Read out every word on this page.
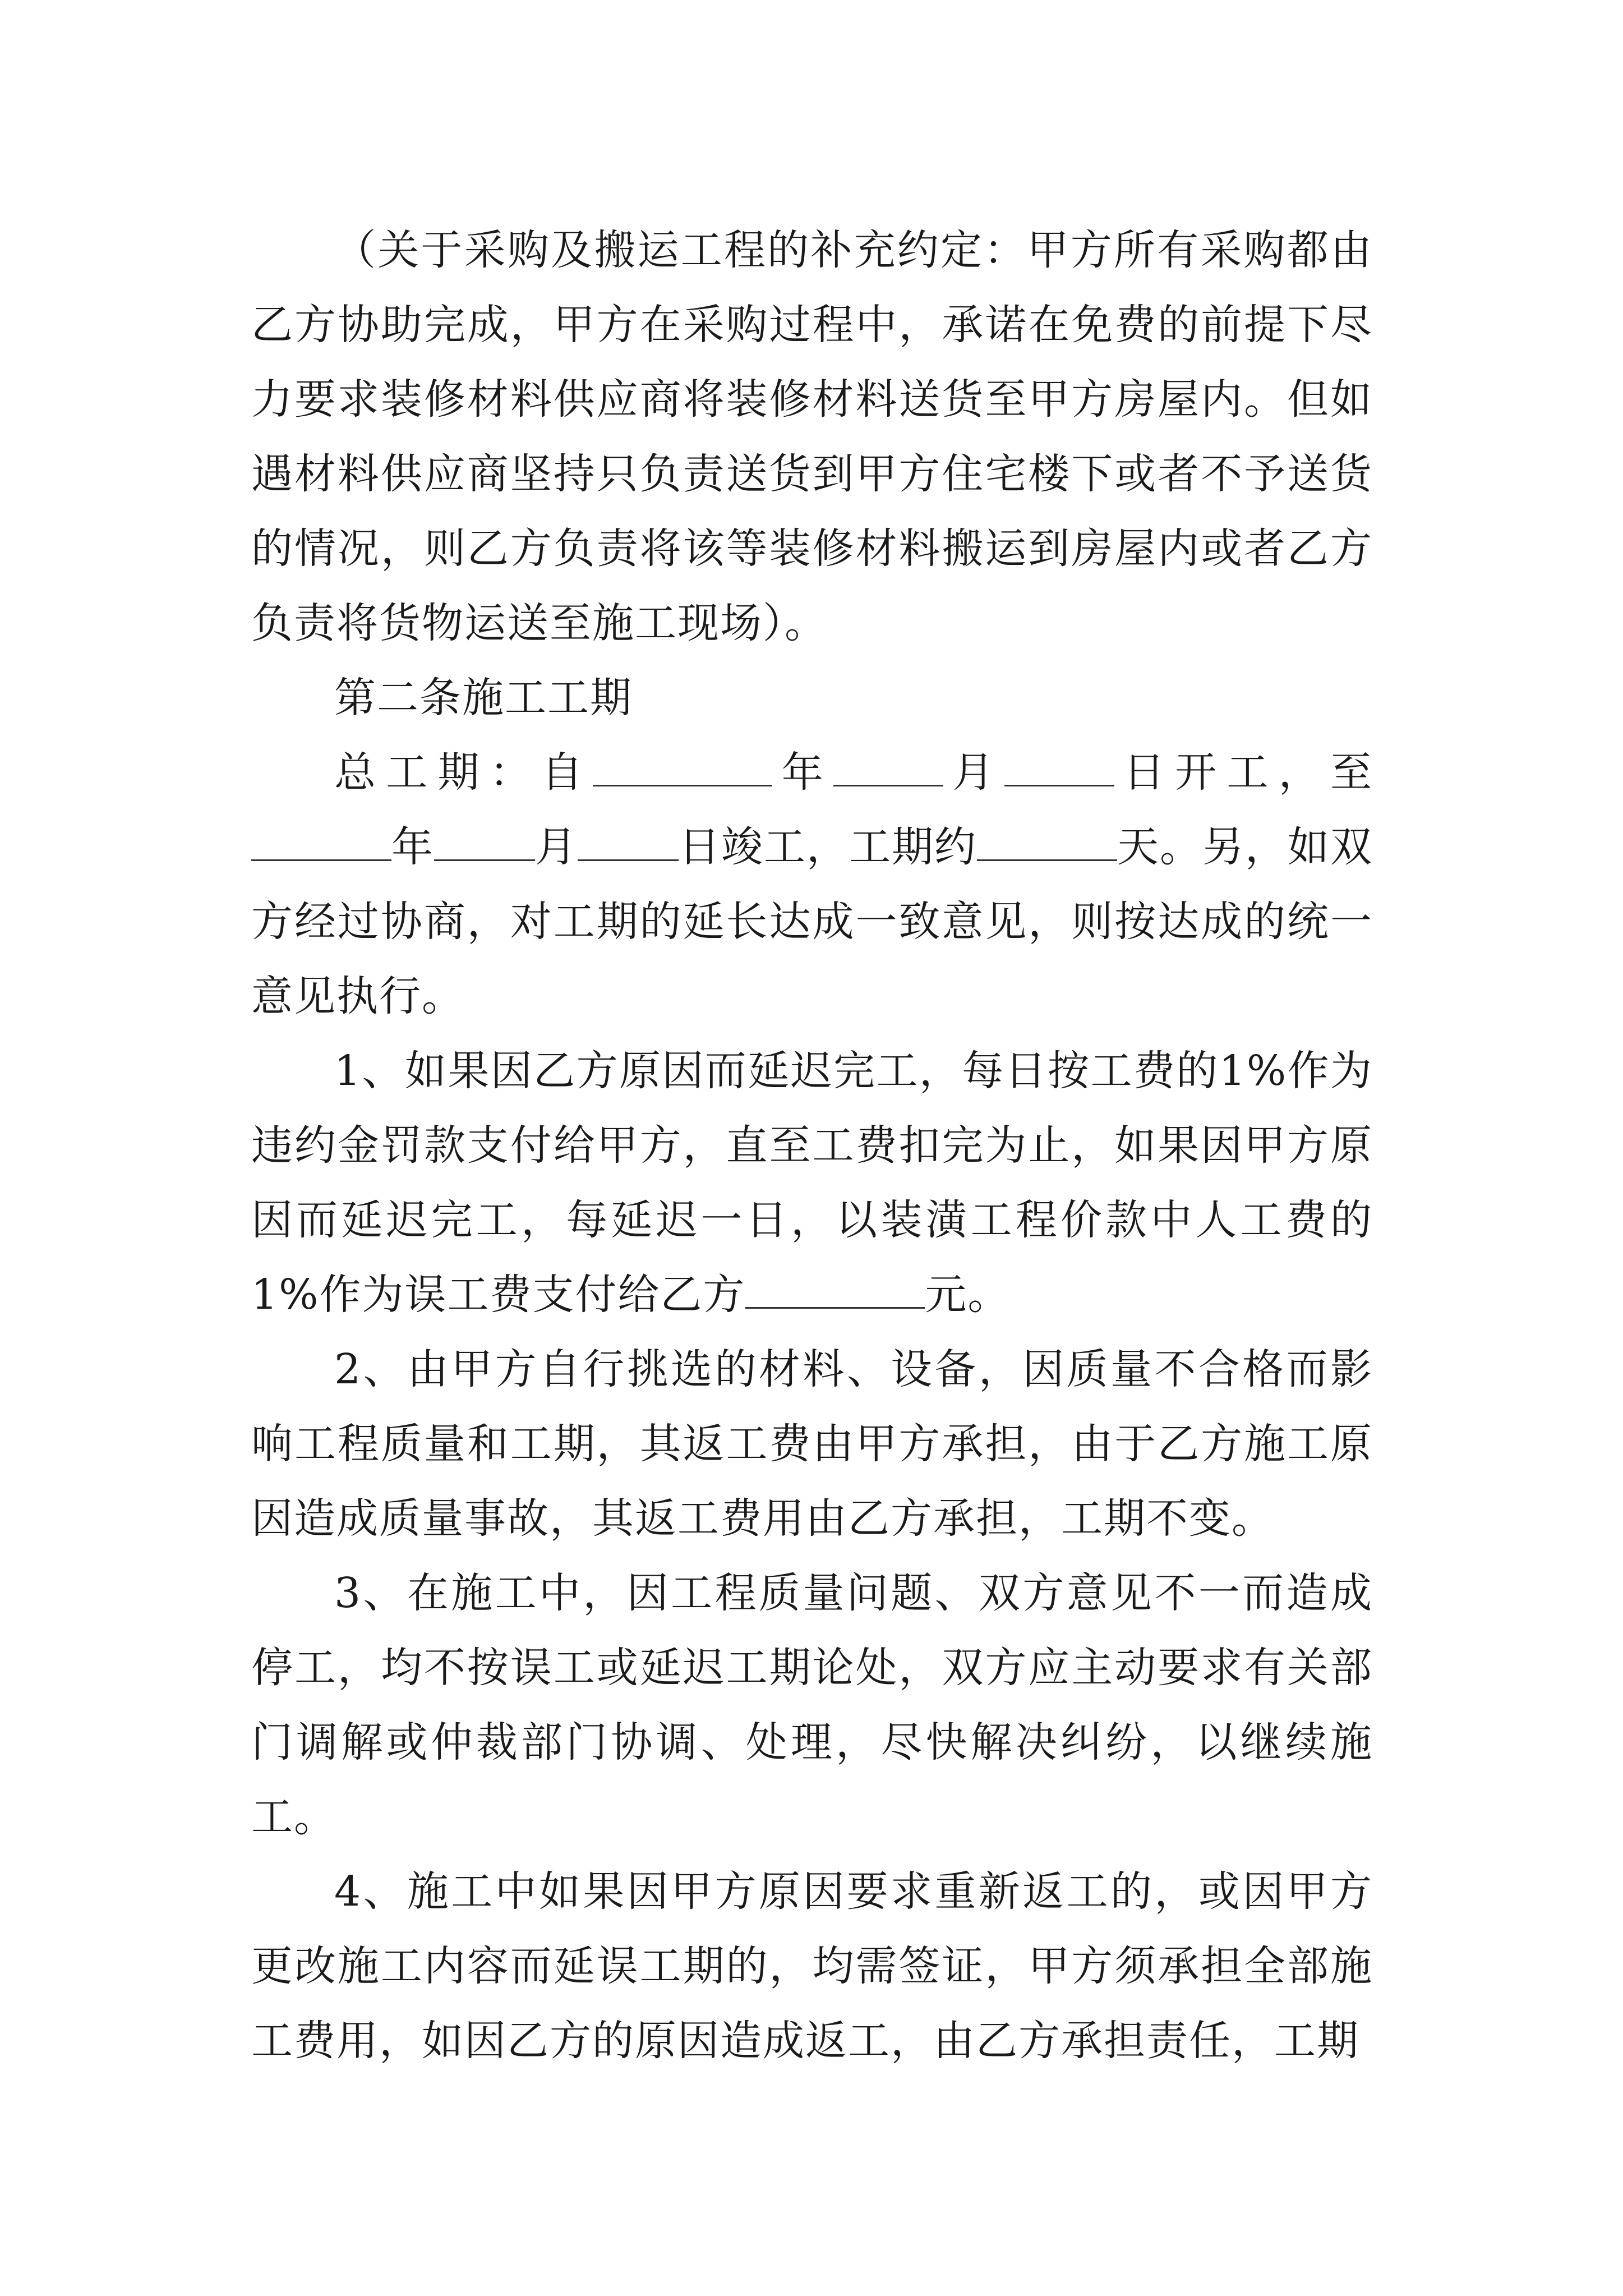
（关于采购及搬运工程的补充约定：甲方所有采购都由乙方协助完成，甲方在采购过程中，承诺在免费的前提下尽力要求装修材料供应商将装修材料送货至甲方房屋内。但如遇材料供应商坚持只负责送货到甲方住宅楼下或者不予送货的情况，则乙方负责将该等装修材料搬运到房屋内或者乙方负责将货物运送至施工现场）。

第二条施工工期

总工期：自	年	月	日开工，至年 月 日竣工，工期约	天。另，如双方经过协商，对工期的延长达成一致意见，则按达成的统一意见执行。

1、如果因乙方原因而延迟完工，每日按工费的1%作为违约金罚款支付给甲方，直至工费扣完为止，如果因甲方原因而延迟完工，每延迟一日，以装潢工程价款中人工费的1%作为误工费支付给乙方	元。

2、由甲方自行挑选的材料、设备，因质量不合格而影响工程质量和工期，其返工费由甲方承担，由于乙方施工原因造成质量事故，其返工费用由乙方承担，工期不变。

3、在施工中，因工程质量问题、双方意见不一而造成停工，均不按误工或延迟工期论处，双方应主动要求有关部门调解或仲裁部门协调、处理，尽快解决纠纷，以继续施工。

4、施工中如果因甲方原因要求重新返工的，或因甲方更改施工内容而延误工期的，均需签证，甲方须承担全部施工费用，如因乙方的原因造成返工，由乙方承担责任，工期
